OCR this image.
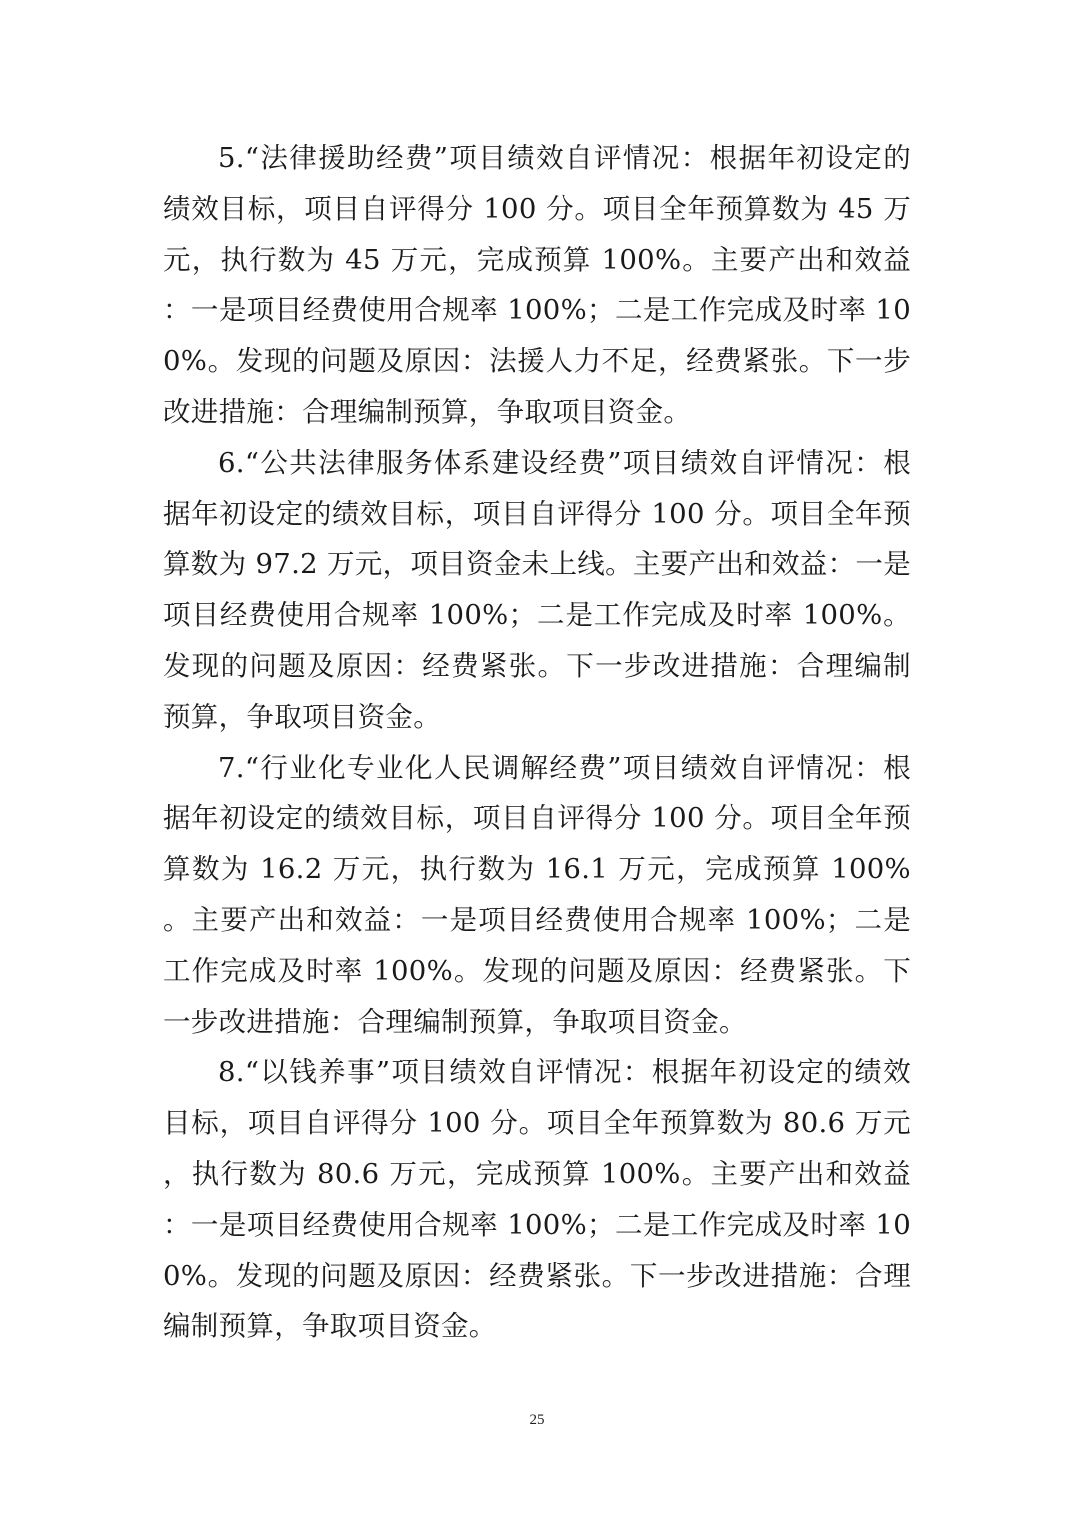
5.“法律援助经费”项目绩效自评情况：根据年初设定的绩效目标，项目自评得分 100 分。项目全年预算数为 45 万元，执行数为 45 万元，完成预算 100%。主要产出和效益：一是项目经费使用合规率 100%；二是工作完成及时率 100%。发现的问题及原因：法援人力不足，经费紧张。下一步改进措施：合理编制预算，争取项目资金。

6.“公共法律服务体系建设经费”项目绩效自评情况：根据年初设定的绩效目标，项目自评得分 100 分。项目全年预算数为 97.2 万元，项目资金未上线。主要产出和效益：一是项目经费使用合规率 100%；二是工作完成及时率 100%。发现的问题及原因：经费紧张。下一步改进措施：合理编制预算，争取项目资金。

7.“行业化专业化人民调解经费”项目绩效自评情况：根据年初设定的绩效目标，项目自评得分 100 分。项目全年预算数为 16.2 万元，执行数为 16.1 万元，完成预算 100%。主要产出和效益：一是项目经费使用合规率 100%；二是工作完成及时率 100%。发现的问题及原因：经费紧张。下一步改进措施：合理编制预算，争取项目资金。

8.“以钱养事”项目绩效自评情况：根据年初设定的绩效目标，项目自评得分 100 分。项目全年预算数为 80.6 万元，执行数为 80.6 万元，完成预算 100%。主要产出和效益：一是项目经费使用合规率 100%；二是工作完成及时率 100%。发现的问题及原因：经费紧张。下一步改进措施：合理编制预算，争取项目资金。

25
